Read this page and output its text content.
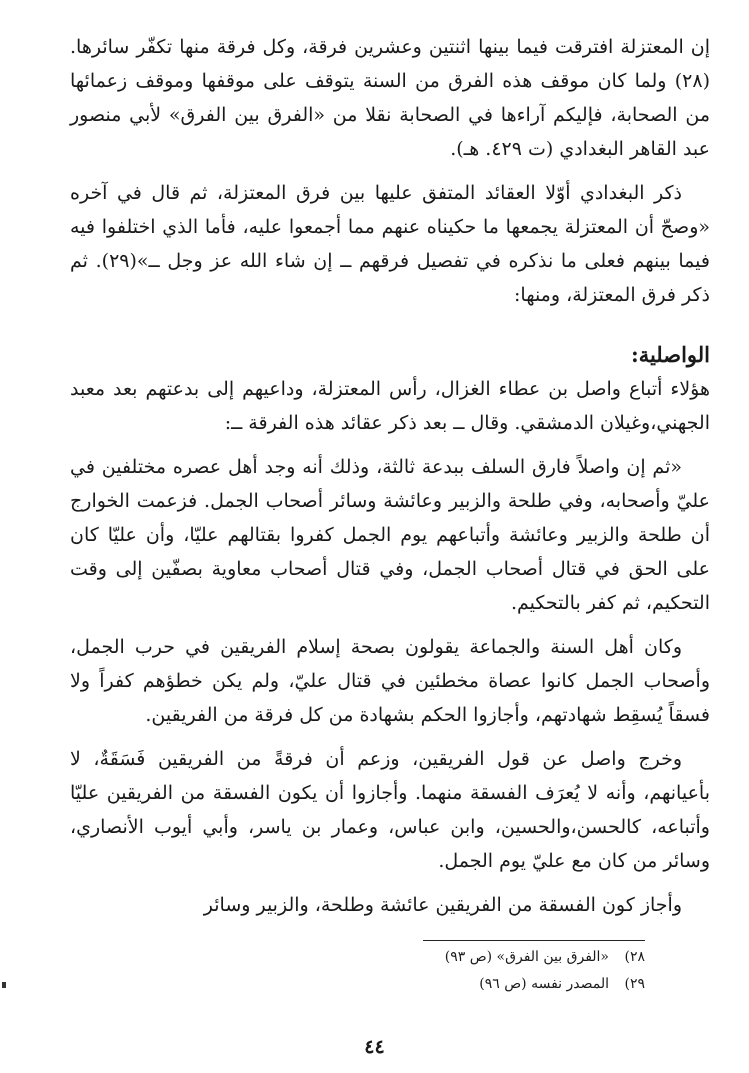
إن المعتزلة افترقت فيما بينها اثنتين وعشرين فرقة، وكل فرقة منها تكفّر سائرها.(٢٨) ولما كان موقف هذه الفرق من السنة يتوقف على موقفها وموقف زعمائها من الصحابة، فإليكم آراءها في الصحابة نقلا من «الفرق بين الفرق» لأبي منصور عبد القاهر البغدادي (ت ٤٢٩. هـ).

ذكر البغدادي أوّلا العقائد المتفق عليها بين فرق المعتزلة، ثم قال في آخره «وصحّ أن المعتزلة يجمعها ما حكيناه عنهم مما أجمعوا عليه، فأما الذي اختلفوا فيه فيما بينهم فعلى ما نذكره في تفصيل فرقهم ــ إن شاء الله عز وجل ــ»(٢٩). ثم ذكر فرق المعتزلة، ومنها:

الواصلية:

هؤلاء أتباع واصل بن عطاء الغزال، رأس المعتزلة، وداعيهم إلى بدعتهم بعد معبد الجهني،وغيلان الدمشقي. وقال ــ بعد ذكر عقائد هذه الفرقة ــ:

«ثم إن واصلاً فارق السلف ببدعة ثالثة، وذلك أنه وجد أهل عصره مختلفين في عليّ وأصحابه، وفي طلحة والزبير وعائشة وسائر أصحاب الجمل. فزعمت الخوارج أن طلحة والزبير وعائشة وأتباعهم يوم الجمل كفروا بقتالهم عليّا، وأن عليّا كان على الحق في قتال أصحاب الجمل، وفي قتال أصحاب معاوية بصفّين إلى وقت التحكيم، ثم كفر بالتحكيم.

وكان أهل السنة والجماعة يقولون بصحة إسلام الفريقين في حرب الجمل، وأصحاب الجمل كانوا عصاة مخطئين في قتال عليّ، ولم يكن خطؤهم كفراً ولا فسقاً يُسقِط شهادتهم، وأجازوا الحكم بشهادة من كل فرقة من الفريقين.

وخرج واصل عن قول الفريقين، وزعم أن فرقةً من الفريقين فَسَقَةٌ، لا بأعيانهم، وأنه لا يُعرَف الفسقة منهما. وأجازوا أن يكون الفسقة من الفريقين عليّا وأتباعه، كالحسن،والحسين، وابن عباس، وعمار بن ياسر، وأبي أيوب الأنصاري، وسائر من كان مع عليّ يوم الجمل.

وأجاز كون الفسقة من الفريقين عائشة وطلحة، والزبير وسائر

٢٨)
«الفرق بين الفرق» (ص ٩٣)
٢٩)
المصدر نفسه (ص ٩٦)
٤٤
